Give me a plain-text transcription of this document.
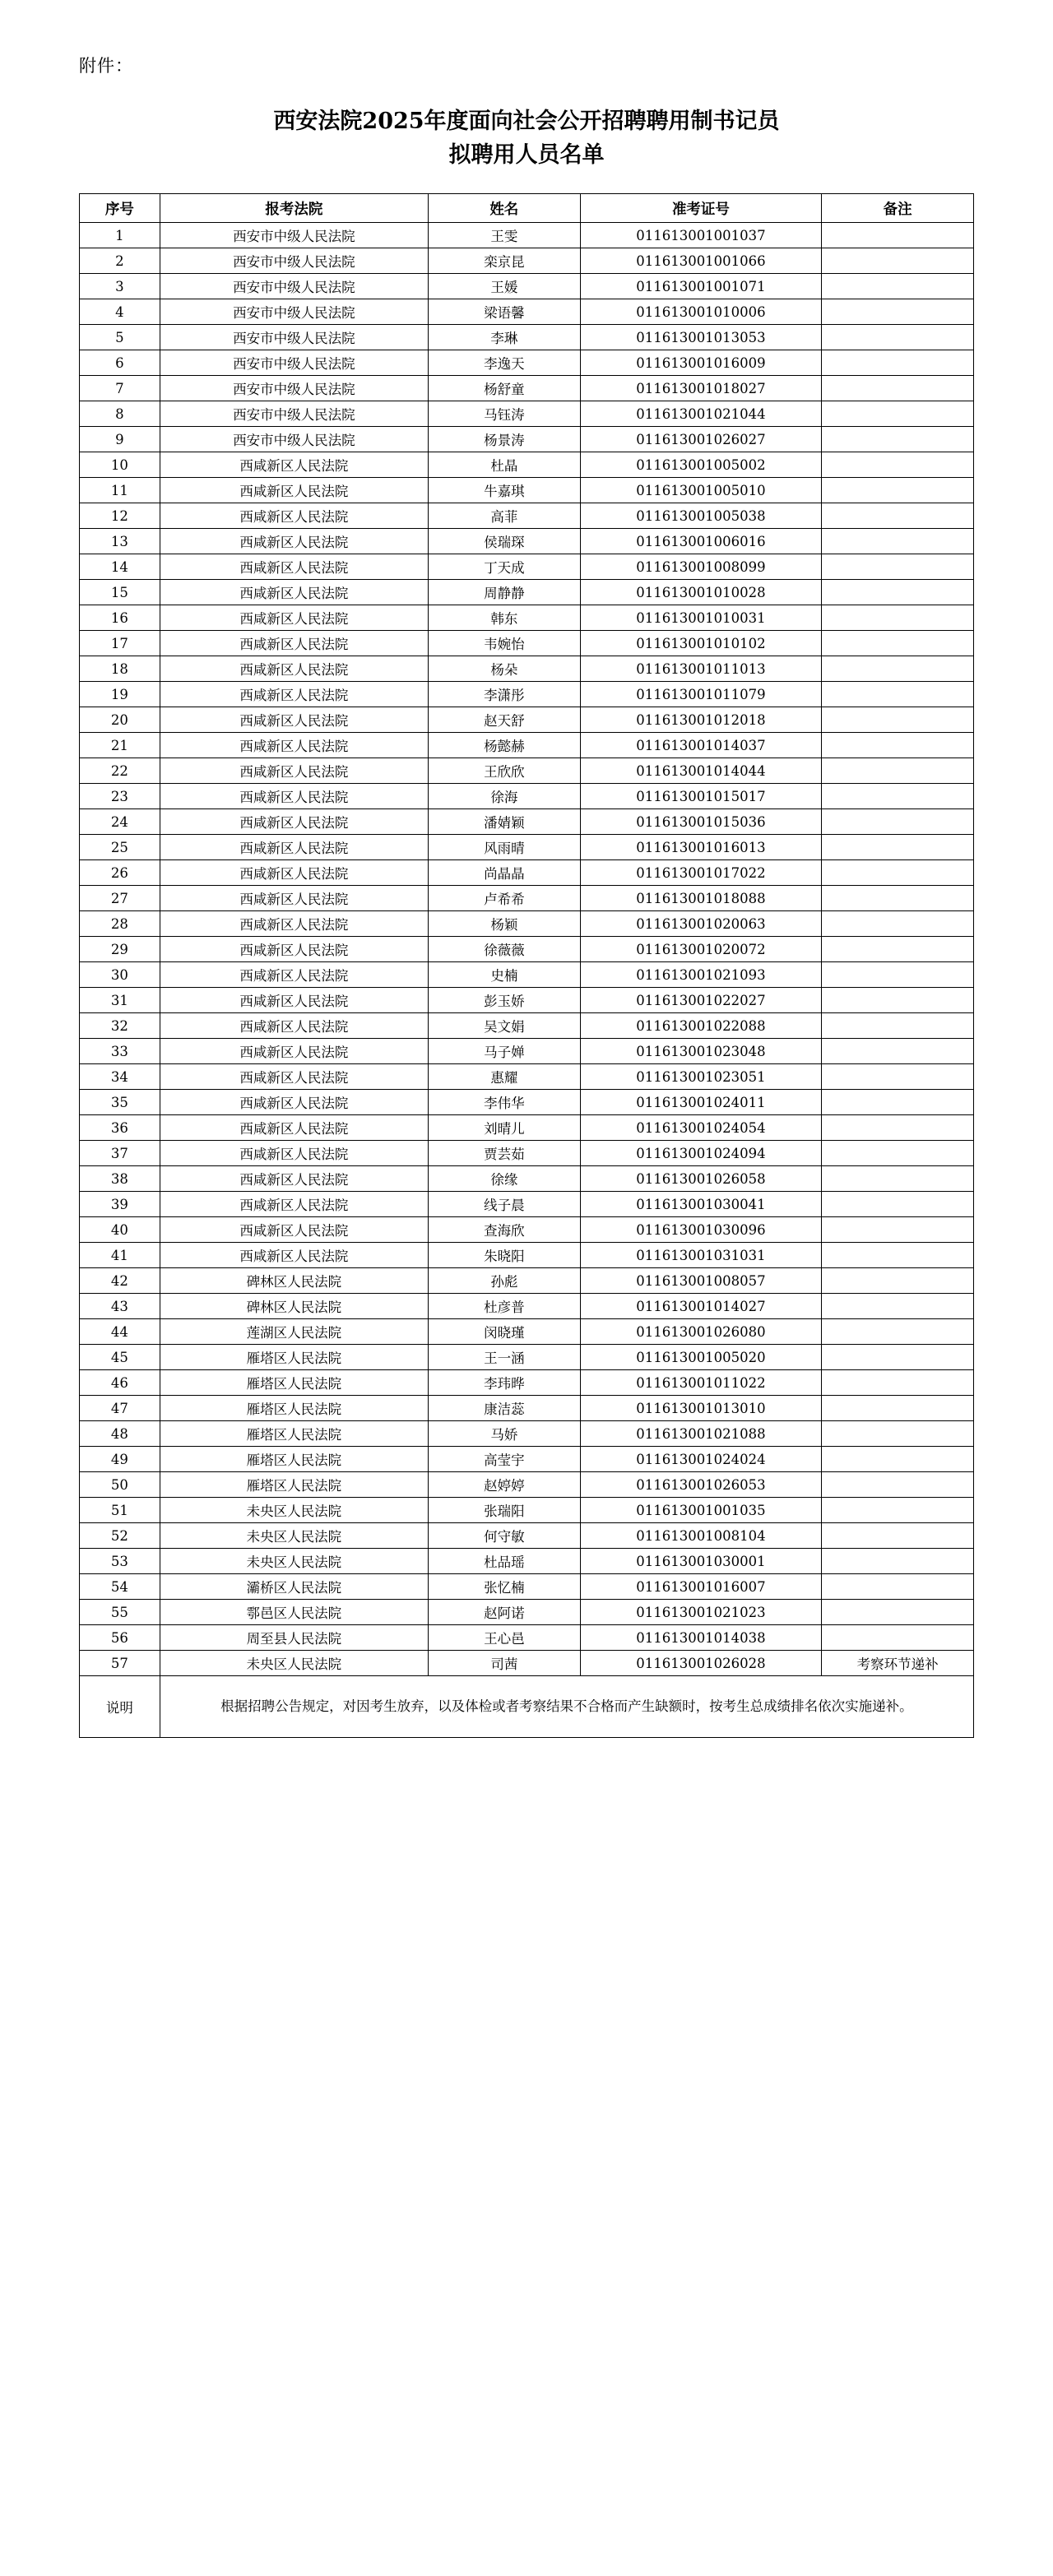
附件：
西安法院2025年度面向社会公开招聘聘用制书记员
拟聘用人员名单
序号	报考法院	姓名	准考证号	备注
1	西安市中级人民法院	王雯	011613001001037	
2	西安市中级人民法院	栾京昆	011613001001066	
3	西安市中级人民法院	王媛	011613001001071	
4	西安市中级人民法院	梁语馨	011613001010006	
5	西安市中级人民法院	李琳	011613001013053	
6	西安市中级人民法院	李逸天	011613001016009	
7	西安市中级人民法院	杨舒童	011613001018027	
8	西安市中级人民法院	马钰涛	011613001021044	
9	西安市中级人民法院	杨景涛	011613001026027	
10	西咸新区人民法院	杜晶	011613001005002	
11	西咸新区人民法院	牛嘉琪	011613001005010	
12	西咸新区人民法院	高菲	011613001005038	
13	西咸新区人民法院	侯瑞琛	011613001006016	
14	西咸新区人民法院	丁天成	011613001008099	
15	西咸新区人民法院	周静静	011613001010028	
16	西咸新区人民法院	韩东	011613001010031	
17	西咸新区人民法院	韦婉怡	011613001010102	
18	西咸新区人民法院	杨朵	011613001011013	
19	西咸新区人民法院	李潇彤	011613001011079	
20	西咸新区人民法院	赵天舒	011613001012018	
21	西咸新区人民法院	杨懿赫	011613001014037	
22	西咸新区人民法院	王欣欣	011613001014044	
23	西咸新区人民法院	徐海	011613001015017	
24	西咸新区人民法院	潘婧颖	011613001015036	
25	西咸新区人民法院	风雨晴	011613001016013	
26	西咸新区人民法院	尚晶晶	011613001017022	
27	西咸新区人民法院	卢希希	011613001018088	
28	西咸新区人民法院	杨颖	011613001020063	
29	西咸新区人民法院	徐薇薇	011613001020072	
30	西咸新区人民法院	史楠	011613001021093	
31	西咸新区人民法院	彭玉娇	011613001022027	
32	西咸新区人民法院	吴文娟	011613001022088	
33	西咸新区人民法院	马子婵	011613001023048	
34	西咸新区人民法院	惠耀	011613001023051	
35	西咸新区人民法院	李伟华	011613001024011	
36	西咸新区人民法院	刘晴儿	011613001024054	
37	西咸新区人民法院	贾芸茹	011613001024094	
38	西咸新区人民法院	徐缘	011613001026058	
39	西咸新区人民法院	线子晨	011613001030041	
40	西咸新区人民法院	查海欣	011613001030096	
41	西咸新区人民法院	朱晓阳	011613001031031	
42	碑林区人民法院	孙彪	011613001008057	
43	碑林区人民法院	杜彦普	011613001014027	
44	莲湖区人民法院	闵晓瑾	011613001026080	
45	雁塔区人民法院	王一涵	011613001005020	
46	雁塔区人民法院	李玮晔	011613001011022	
47	雁塔区人民法院	康洁蕊	011613001013010	
48	雁塔区人民法院	马娇	011613001021088	
49	雁塔区人民法院	高莹宇	011613001024024	
50	雁塔区人民法院	赵婷婷	011613001026053	
51	未央区人民法院	张瑞阳	011613001001035	
52	未央区人民法院	何守敏	011613001008104	
53	未央区人民法院	杜品瑶	011613001030001	
54	灞桥区人民法院	张忆楠	011613001016007	
55	鄠邑区人民法院	赵阿诺	011613001021023	
56	周至县人民法院	王心邑	011613001014038	
57	未央区人民法院	司茜	011613001026028	考察环节递补
说明	根据招聘公告规定，对因考生放弃，以及体检或者考察结果不合格而产生缺额时，按考生总成绩排名依次实施递补。			
